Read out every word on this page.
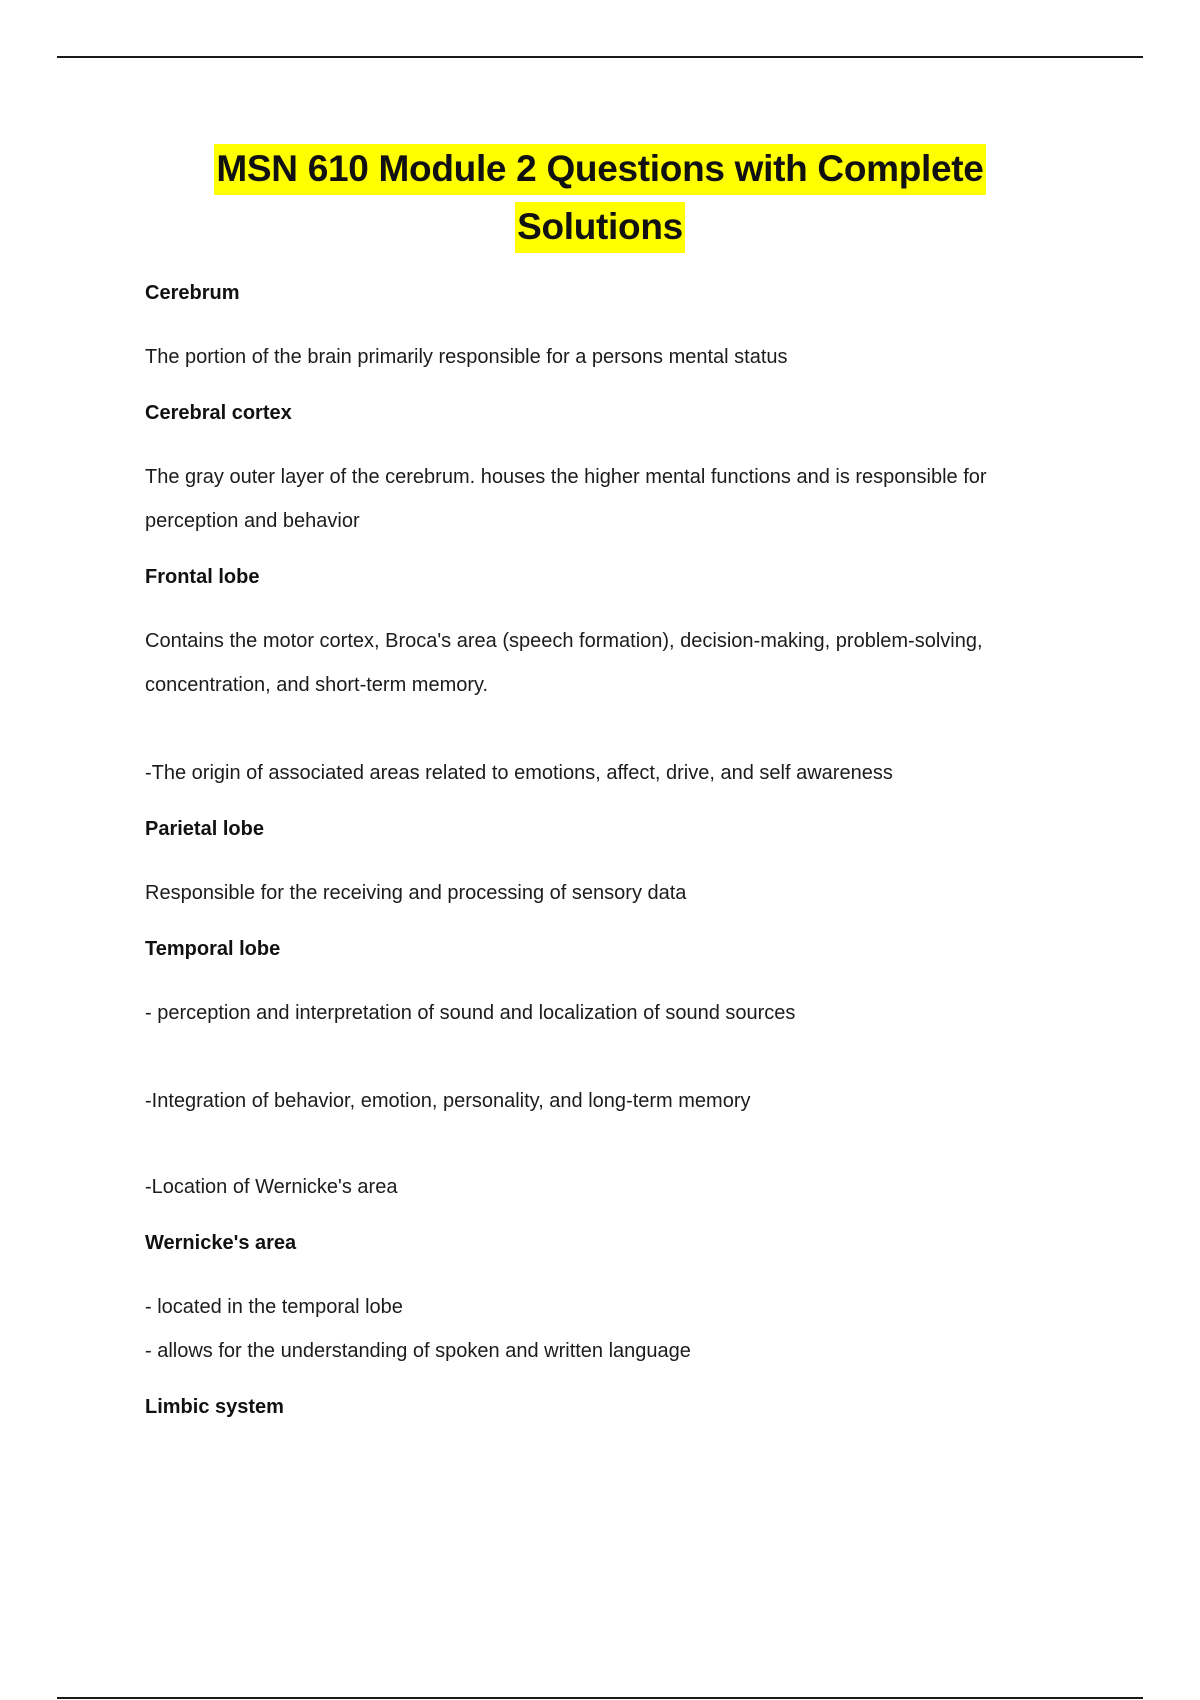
MSN 610 Module 2 Questions with Complete
Solutions
Cerebrum
The portion of the brain primarily responsible for a persons mental status
Cerebral cortex
The gray outer layer of the cerebrum. houses the higher mental functions and is responsible for
perception and behavior
Frontal lobe
Contains the motor cortex, Broca's area (speech formation), decision-making, problem-solving,
concentration, and short-term memory.
-The origin of associated areas related to emotions, affect, drive, and self awareness
Parietal lobe
Responsible for the receiving and processing of sensory data
Temporal lobe
- perception and interpretation of sound and localization of sound sources
-Integration of behavior, emotion, personality, and long-term memory
-Location of Wernicke's area
Wernicke's area
- located in the temporal lobe
- allows for the understanding of spoken and written language
Limbic system
